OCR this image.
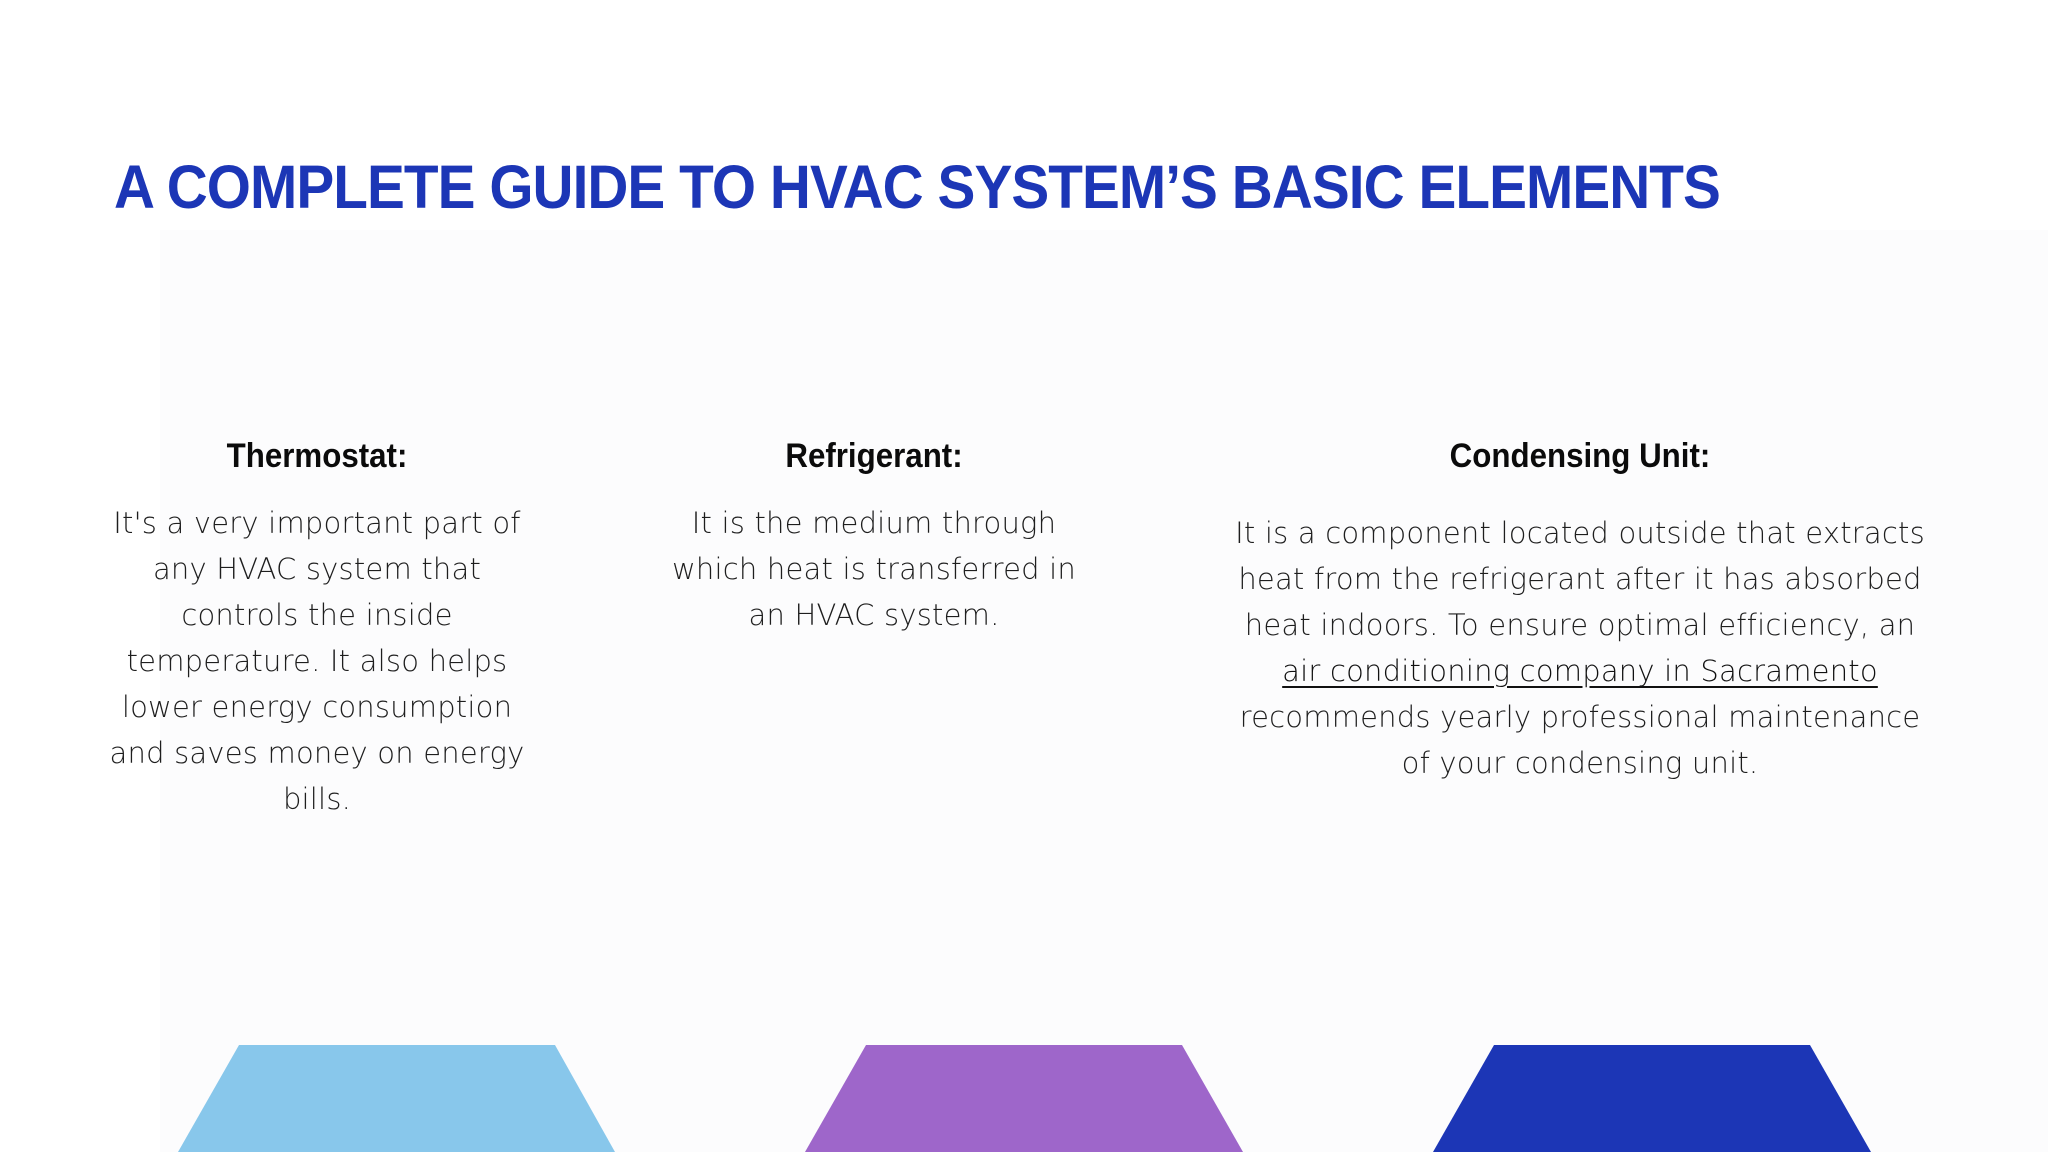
A COMPLETE GUIDE TO HVAC SYSTEM’S BASIC ELEMENTS
Thermostat:

It's a very important part of
any HVAC system that
controls the inside
temperature. It also helps
lower energy consumption
and saves money on energy
bills.

Refrigerant:

It is the medium through
which heat is transferred in
an HVAC system.

Condensing Unit:

It is a component located outside that extracts
heat from the refrigerant after it has absorbed
heat indoors. To ensure optimal efficiency, an
air conditioning company in Sacramento
recommends yearly professional maintenance
of your condensing unit.
